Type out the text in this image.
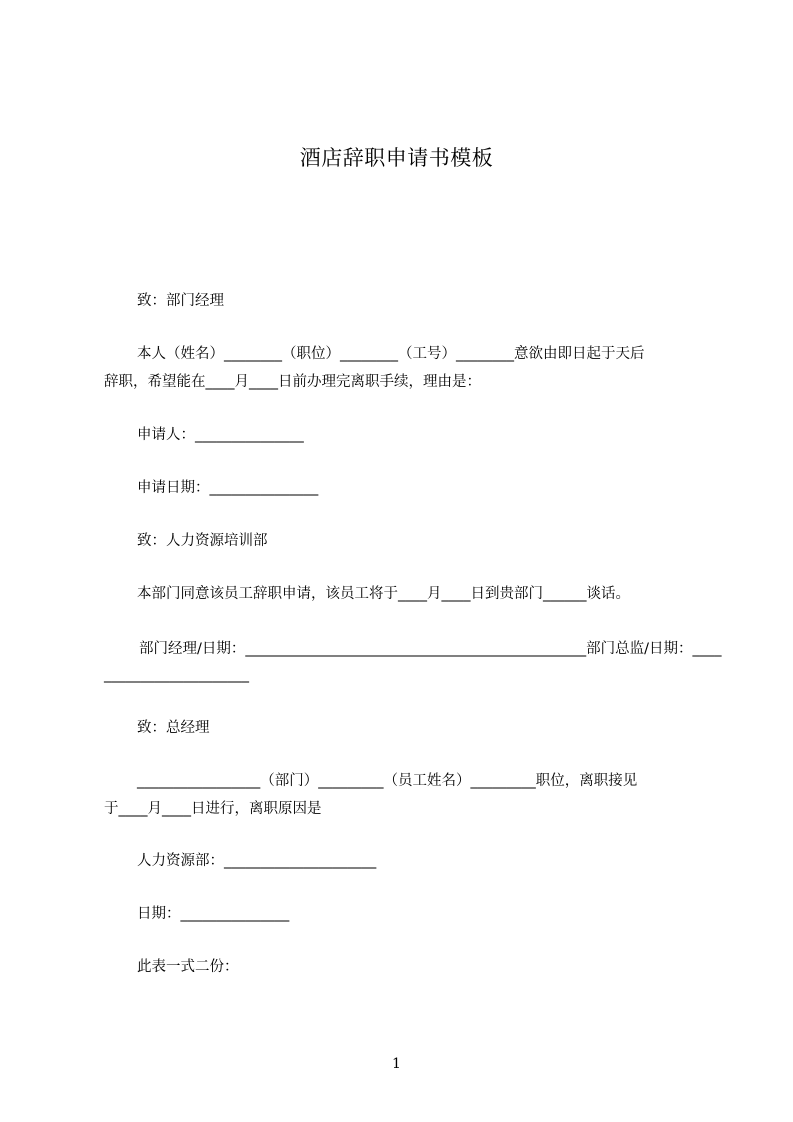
酒店辞职申请书模板
致：部门经理
本人（姓名）________（职位）________（工号）________意欲由即日起于天后
辞职，希望能在____月____日前办理完离职手续，理由是：
申请人：_______________
申请日期：_______________
致：人力资源培训部
本部门同意该员工辞职申请，该员工将于____月____日到贵部门______谈话。
部门经理/日期：_______________________________________________部门总监/日期：____
____________________
致：总经理
_________________（部门）_________（员工姓名）_________职位，离职接见
于____月____日进行，离职原因是
人力资源部：_____________________
日期：_______________
此表一式二份：
1
